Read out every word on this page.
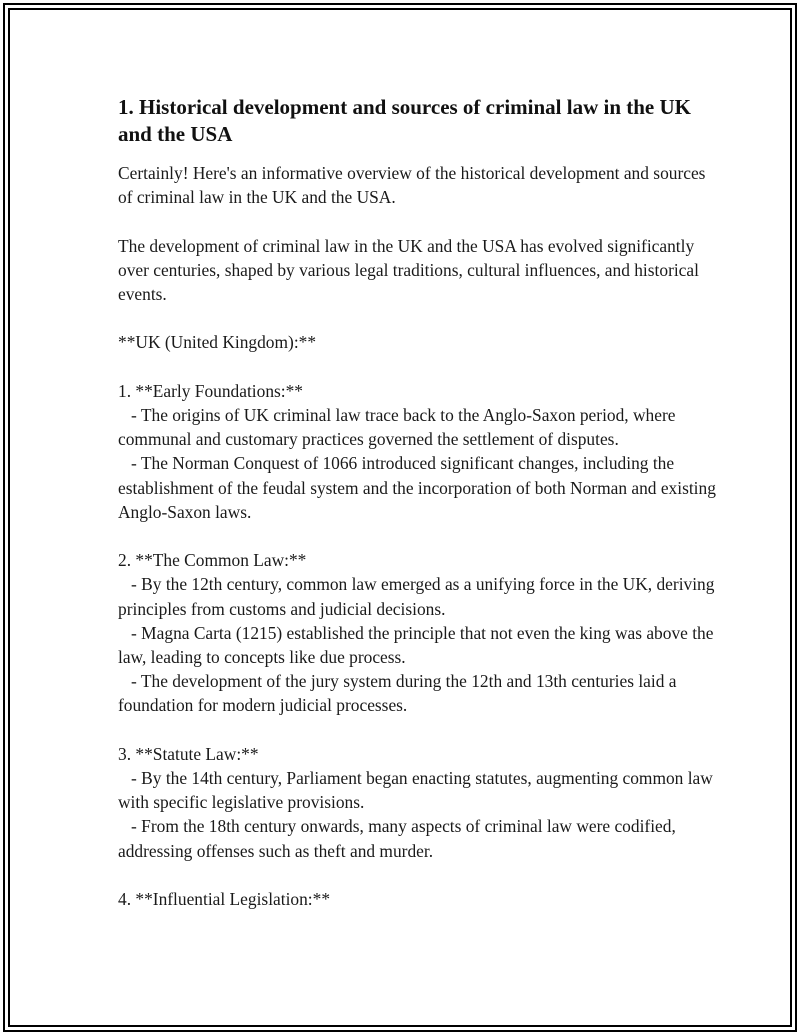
1. Historical development and sources of criminal law in the UK and the USA

Certainly! Here's an informative overview of the historical development and sources of criminal law in the UK and the USA.

The development of criminal law in the UK and the USA has evolved significantly over centuries, shaped by various legal traditions, cultural influences, and historical events.

**UK (United Kingdom):**

1. **Early Foundations:**

- The origins of UK criminal law trace back to the Anglo-Saxon period, where communal and customary practices governed the settlement of disputes.

- The Norman Conquest of 1066 introduced significant changes, including the establishment of the feudal system and the incorporation of both Norman and existing Anglo-Saxon laws.

2. **The Common Law:**

- By the 12th century, common law emerged as a unifying force in the UK, deriving principles from customs and judicial decisions.

- Magna Carta (1215) established the principle that not even the king was above the law, leading to concepts like due process.

- The development of the jury system during the 12th and 13th centuries laid a foundation for modern judicial processes.

3. **Statute Law:**

- By the 14th century, Parliament began enacting statutes, augmenting common law with specific legislative provisions.

- From the 18th century onwards, many aspects of criminal law were codified, addressing offenses such as theft and murder.

4. **Influential Legislation:**
